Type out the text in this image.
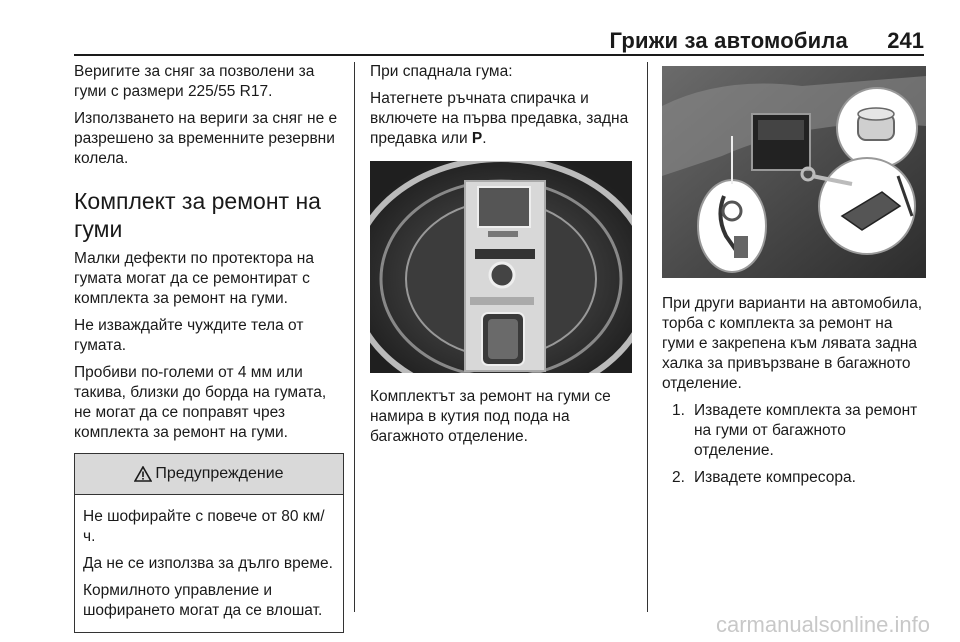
Грижи за автомобила 241

Веригите за сняг за позволени за гуми с размери 225/55 R17.

Използването на вериги за сняг не е разрешено за временните резервни колела.

Комплект за ремонт на гуми

Малки дефекти по протектора на гумата могат да се ремонтират с комплекта за ремонт на гуми.

Не изваждайте чуждите тела от гумата.

Пробиви по-големи от 4 мм или такива, близки до борда на гумата, не могат да се поправят чрез комплекта за ремонт на гуми.

Предупреждение

Не шофирайте с повече от 80 км/ч.

Да не се използва за дълго време.

Кормилното управление и шофирането могат да се влошат.

При спаднала гума:

Натегнете ръчната спирачка и включете на първа предавка, задна предавка или P.

Комплектът за ремонт на гуми се намира в кутия под пода на багажното отделение.

При други варианти на автомобила, торба с комплекта за ремонт на гуми е закрепена към лявата задна халка за привързване в багажното отделение.

1. Извадете комплекта за ремонт на гуми от багажното отделение.
2. Извадете компресора.
carmanualsonline.info
